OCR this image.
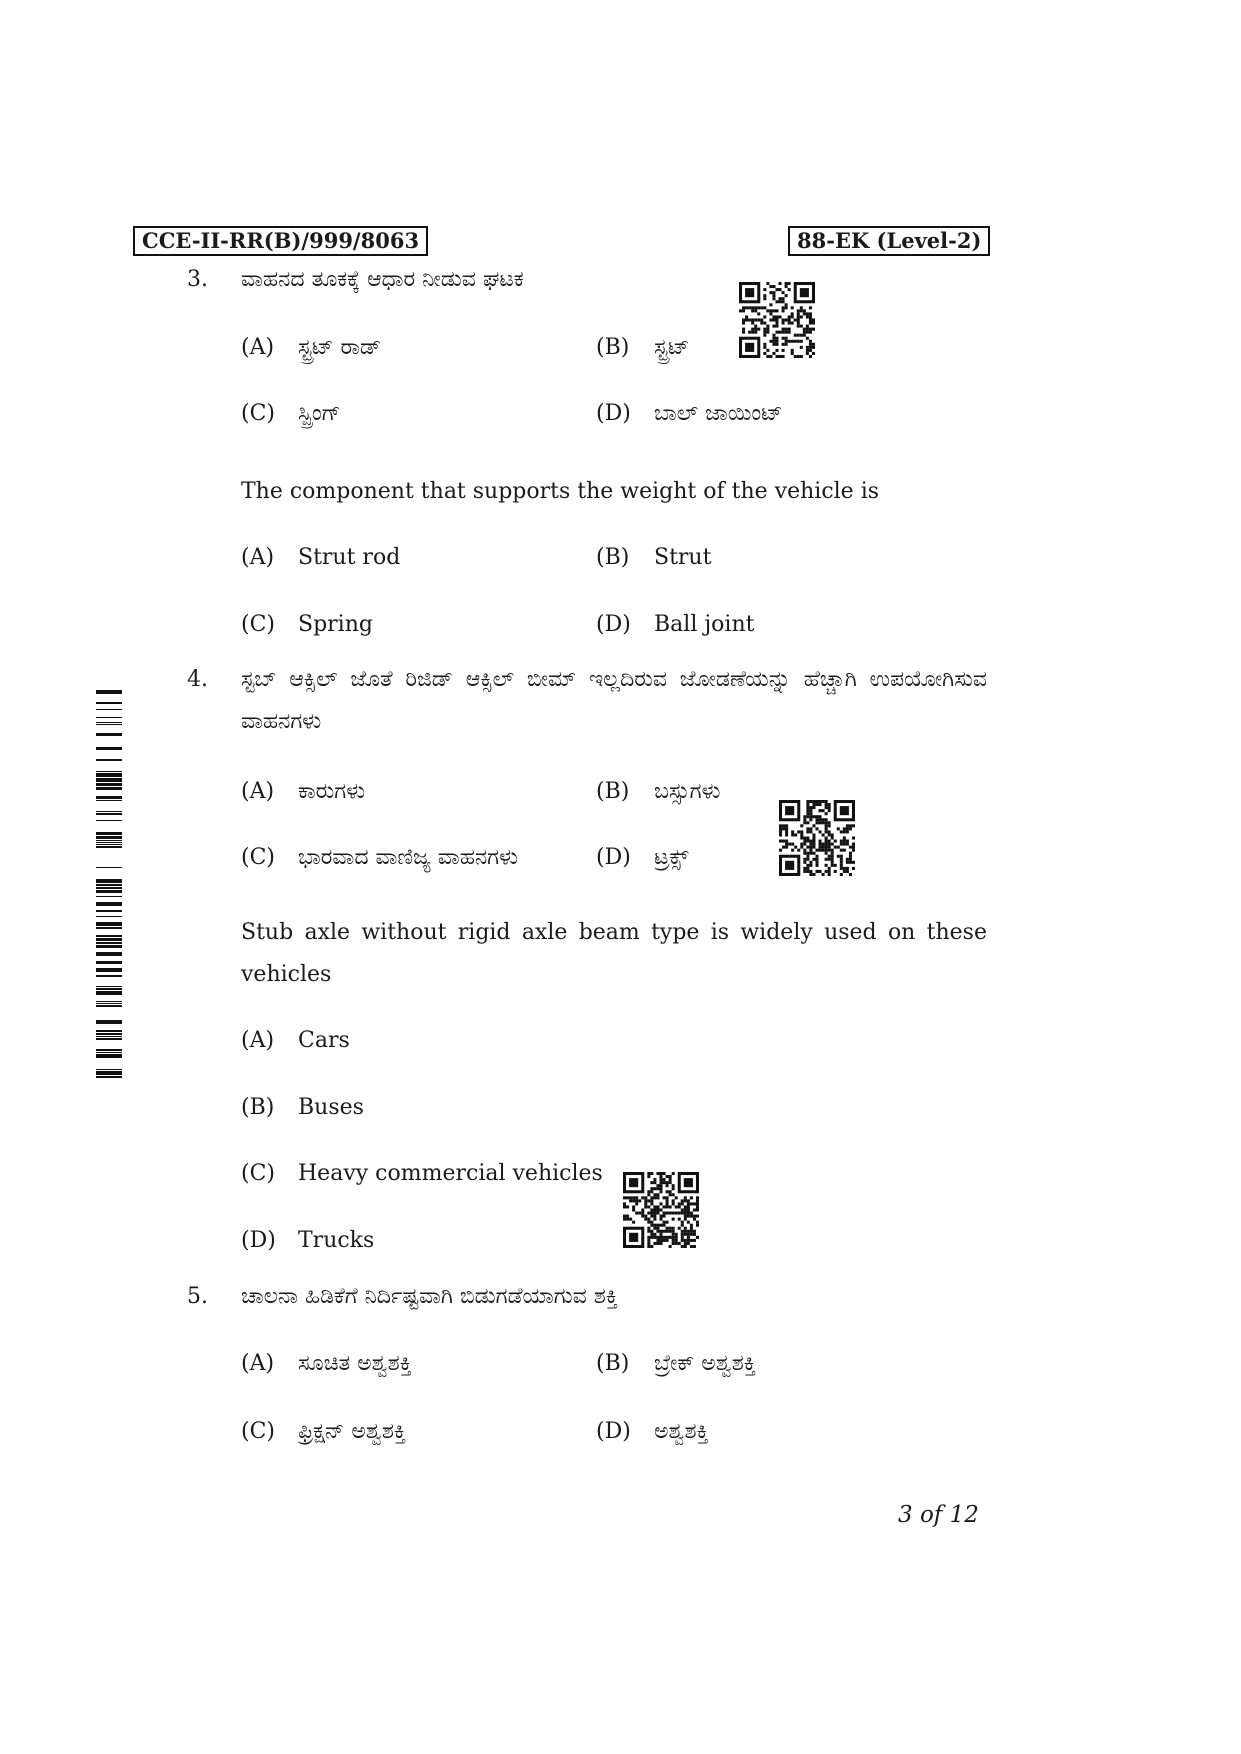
CCE-II-RR(B)/999/8063	88-EK (Level-2)
3. ವಾಹನದ ತೂಕಕ್ಕೆ ಆಧಾರ ನೀಡುವ ಘಟಕ
(A) ಸ್ಟ್ರಟ್ ರಾಡ್	(B) ಸ್ಟ್ರಟ್
(C) ಸ್ಪ್ರಿಂಗ್	(D) ಬಾಲ್ ಜಾಯಿಂಟ್
The component that supports the weight of the vehicle is
(A) Strut rod	(B) Strut
(C) Spring	(D) Ball joint
4. ಸ್ಟಬ್ ಆಕ್ಸಿಲ್ ಜೊತೆ ರಿಜಿಡ್ ಆಕ್ಸಿಲ್ ಬೀಮ್ ಇಲ್ಲದಿರುವ ಜೋಡಣೆಯನ್ನು ಹೆಚ್ಚಾಗಿ ಉಪಯೋಗಿಸುವ ವಾಹನಗಳು
(A) ಕಾರುಗಳು	(B) ಬಸ್ಸುಗಳು
(C) ಭಾರವಾದ ವಾಣಿಜ್ಯ ವಾಹನಗಳು	(D) ಟ್ರಕ್ಸ್
Stub axle without rigid axle beam type is widely used on these vehicles
(A) Cars
(B) Buses
(C) Heavy commercial vehicles
(D) Trucks
5. ಚಾಲನಾ ಹಿಡಿಕೆಗೆ ನಿರ್ದಿಷ್ಟವಾಗಿ ಬಿಡುಗಡೆಯಾಗುವ ಶಕ್ತಿ
(A) ಸೂಚಿತ ಅಶ್ವಶಕ್ತಿ	(B) ಬ್ರೇಕ್ ಅಶ್ವಶಕ್ತಿ
(C) ಫ್ರಿಕ್ಷನ್ ಅಶ್ವಶಕ್ತಿ	(D) ಅಶ್ವಶಕ್ತಿ
3 of 12
